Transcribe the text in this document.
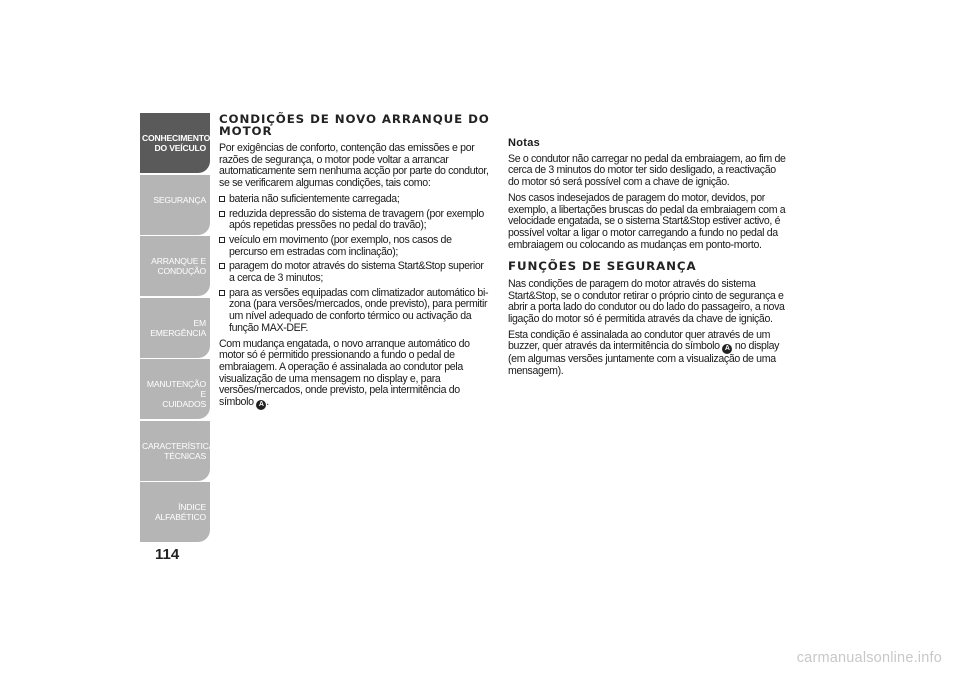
CONHECIMENTO
DO VEÍCULO
SEGURANÇA
ARRANQUE E
CONDUÇÃO
EM EMERGÊNCIA
MANUTENÇÃO E
CUIDADOS
CARACTERÍSTICAS
TÉCNICAS
ÍNDICE ALFABÉTICO
114
CONDIÇÕES DE NOVO ARRANQUE DO MOTOR

Por exigências de conforto, contenção das emissões e por razões de segurança, o motor pode voltar a arrancar automaticamente sem nenhuma acção por parte do condutor, se se verificarem algumas condições, tais como:

bateria não suficientemente carregada;
reduzida depressão do sistema de travagem (por exemplo após repetidas pressões no pedal do travão);
veículo em movimento (por exemplo, nos casos de percurso em estradas com inclinação);
paragem do motor através do sistema Start&Stop superior a cerca de 3 minutos;
para as versões equipadas com climatizador automático bi-zona (para versões/mercados, onde previsto), para permitir um nível adequado de conforto térmico ou activação da função MAX-DEF.

Com mudança engatada, o novo arranque automático do motor só é permitido pressionando a fundo o pedal de embraiagem. A operação é assinalada ao condutor pela visualização de uma mensagem no display e, para versões/mercados, onde previsto, pela intermitência do símbolo A .

Notas

Se o condutor não carregar no pedal da embraiagem, ao fim de cerca de 3 minutos do motor ter sido desligado, a reactivação do motor só será possível com a chave de ignição.

Nos casos indesejados de paragem do motor, devidos, por exemplo, a libertações bruscas do pedal da embraiagem com a velocidade engatada, se o sistema Start&Stop estiver activo, é possível voltar a ligar o motor carregando a fundo no pedal da embraiagem ou colocando as mudanças em ponto-morto.

FUNÇÕES DE SEGURANÇA

Nas condições de paragem do motor através do sistema Start&Stop, se o condutor retirar o próprio cinto de segurança e abrir a porta lado do condutor ou do lado do passageiro, a nova ligação do motor só é permitida através da chave de ignição.

Esta condição é assinalada ao condutor quer através de um buzzer, quer através da intermitência do símbolo A no display (em algumas versões juntamente com a visualização de uma mensagem).

carmanualsonline.info
